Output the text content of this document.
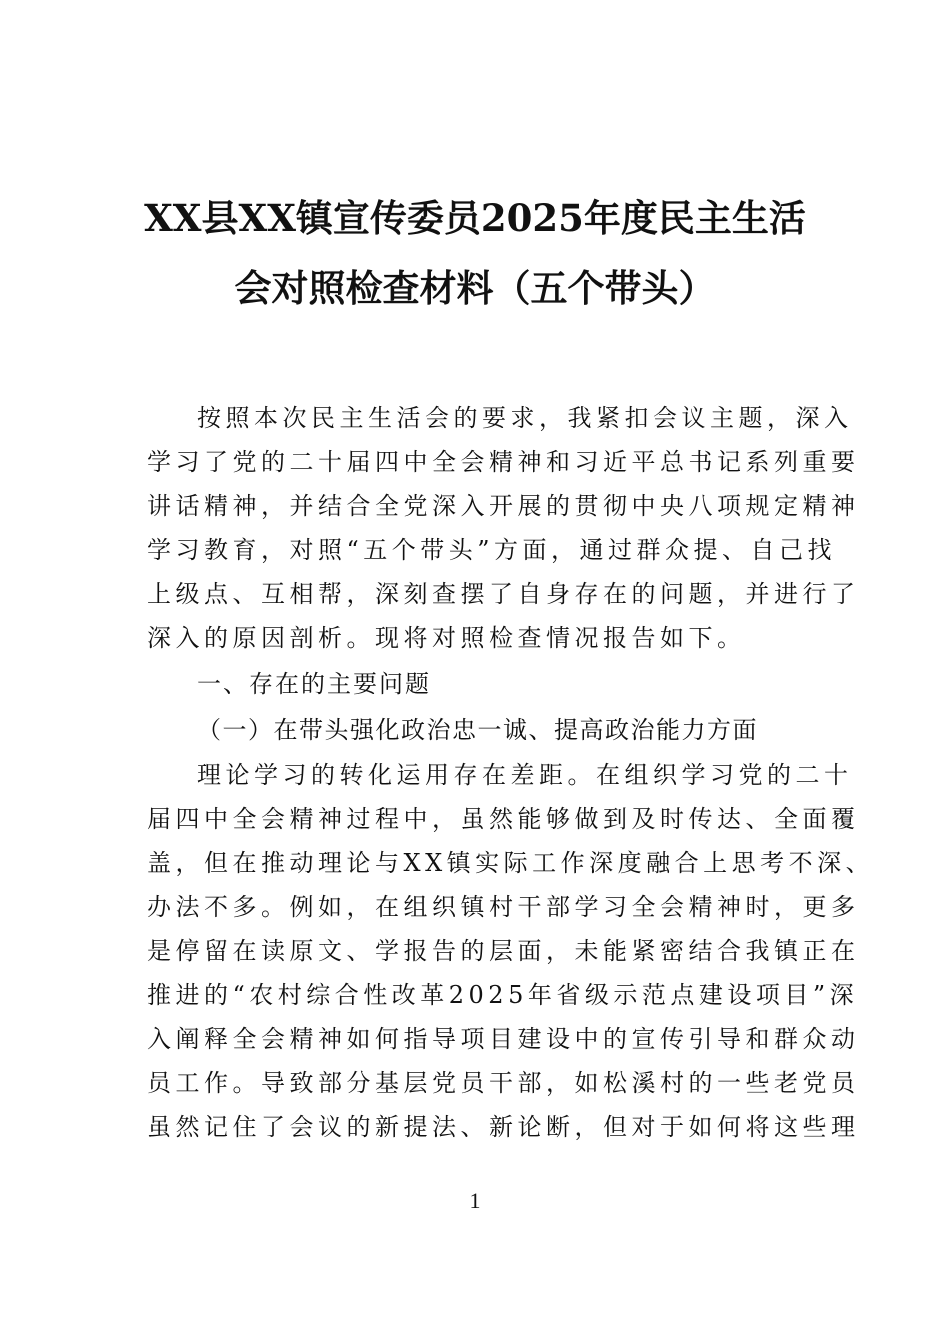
XX县XX镇宣传委员2025年度民主生活
会对照检查材料（五个带头）
按照本次民主生活会的要求，我紧扣会议主题，深入
学习了党的二十届四中全会精神和习近平总书记系列重要
讲话精神，并结合全党深入开展的贯彻中央八项规定精神
学习教育，对照“五个带头”方面，通过群众提、自己找
上级点、互相帮，深刻查摆了自身存在的问题，并进行了
深入的原因剖析。现将对照检查情况报告如下。
一、存在的主要问题
（一）在带头强化政治忠一诚、提高政治能力方面
理论学习的转化运用存在差距。在组织学习党的二十
届四中全会精神过程中，虽然能够做到及时传达、全面覆
盖，但在推动理论与XX镇实际工作深度融合上思考不深、
办法不多。例如，在组织镇村干部学习全会精神时，更多
是停留在读原文、学报告的层面，未能紧密结合我镇正在
推进的“农村综合性改革2025年省级示范点建设项目”深
入阐释全会精神如何指导项目建设中的宣传引导和群众动
员工作。导致部分基层党员干部，如松溪村的一些老党员
虽然记住了会议的新提法、新论断，但对于如何将这些理
1
